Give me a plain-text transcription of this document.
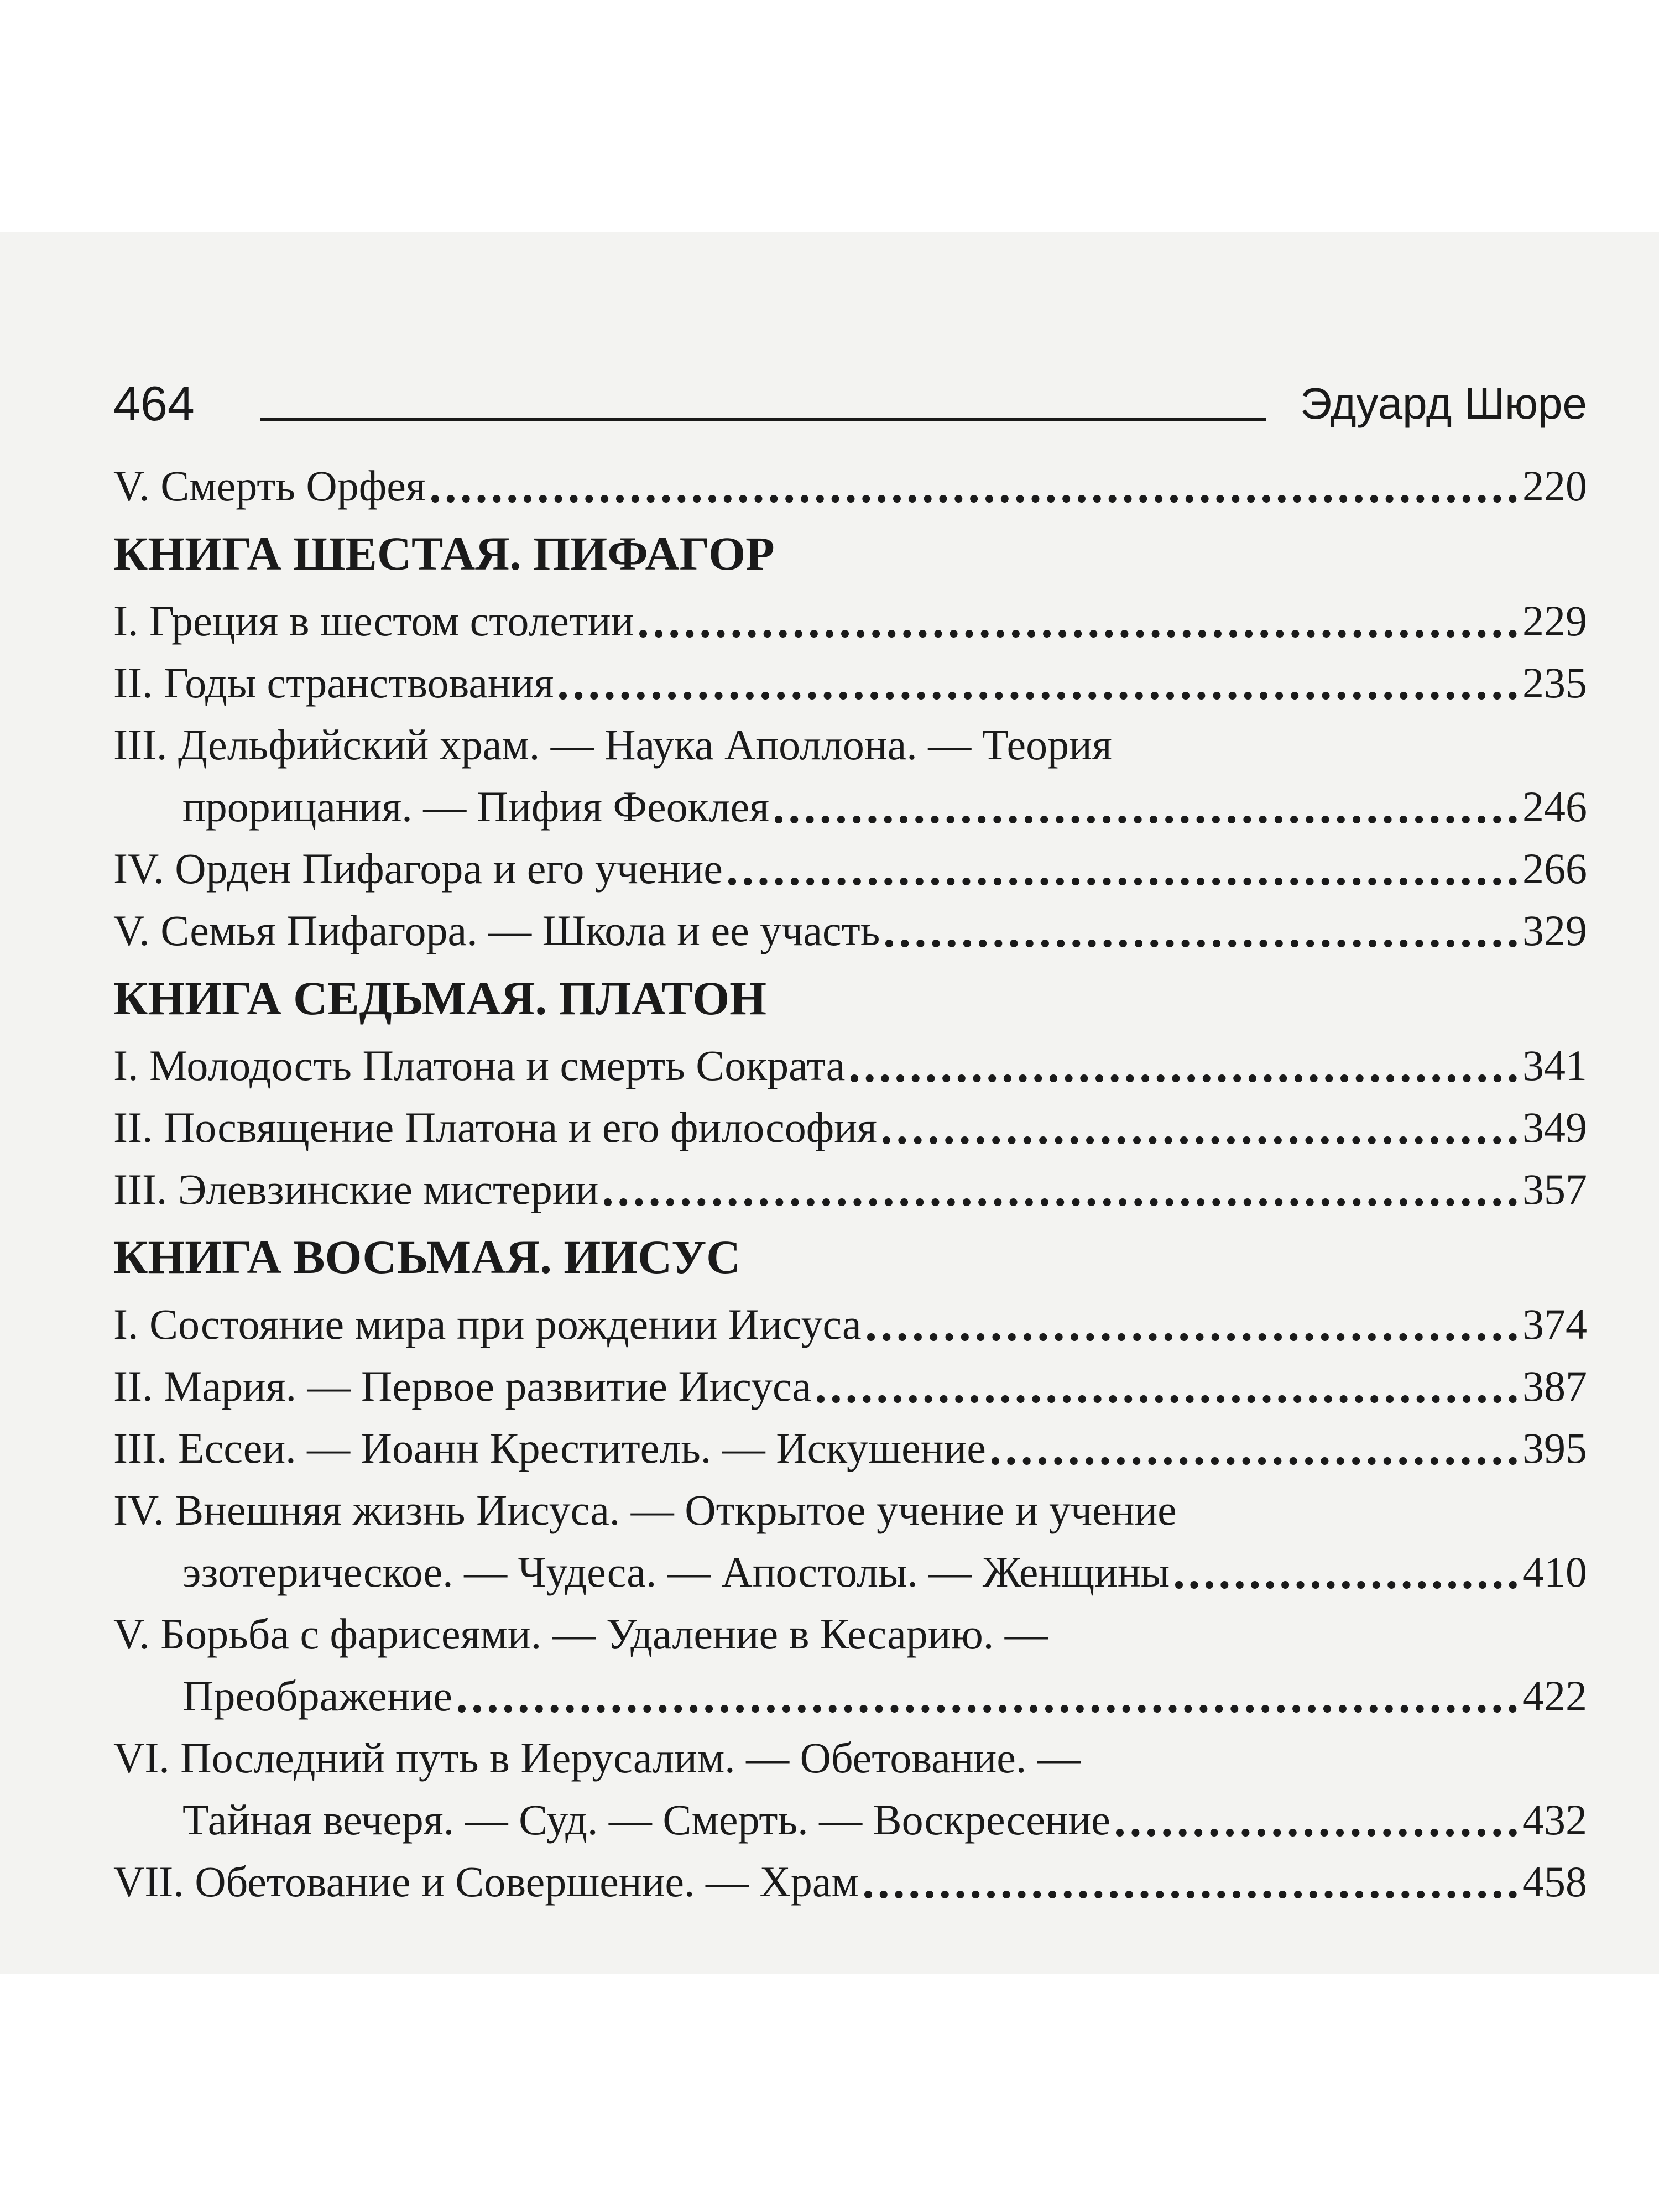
464	Эдуард Шюре
V. Смерть Орфея	220
КНИГА ШЕСТАЯ. ПИФАГОР
I. Греция в шестом столетии	229
II. Годы странствования	235
III. Дельфийский храм. — Наука Аполлона. — Теория
прорицания. — Пифия Феоклея	246
IV. Орден Пифагора и его учение	266
V. Семья Пифагора. — Школа и ее участь	329
КНИГА СЕДЬМАЯ. ПЛАТОН
I. Молодость Платона и смерть Сократа	341
II. Посвящение Платона и его философия	349
III. Элевзинские мистерии	357
КНИГА ВОСЬМАЯ. ИИСУС
I. Состояние мира при рождении Иисуса	374
II. Мария. — Первое развитие Иисуса	387
III. Ессеи. — Иоанн Креститель. — Искушение	395
IV. Внешняя жизнь Иисуса. — Открытое учение и учение
эзотерическое. — Чудеса. — Апостолы. — Женщины	410
V. Борьба с фарисеями. — Удаление в Кесарию. —
Преображение	422
VI. Последний путь в Иерусалим. — Обетование. —
Тайная вечеря. — Суд. — Смерть. — Воскресение	432
VII. Обетование и Совершение. — Храм	458
